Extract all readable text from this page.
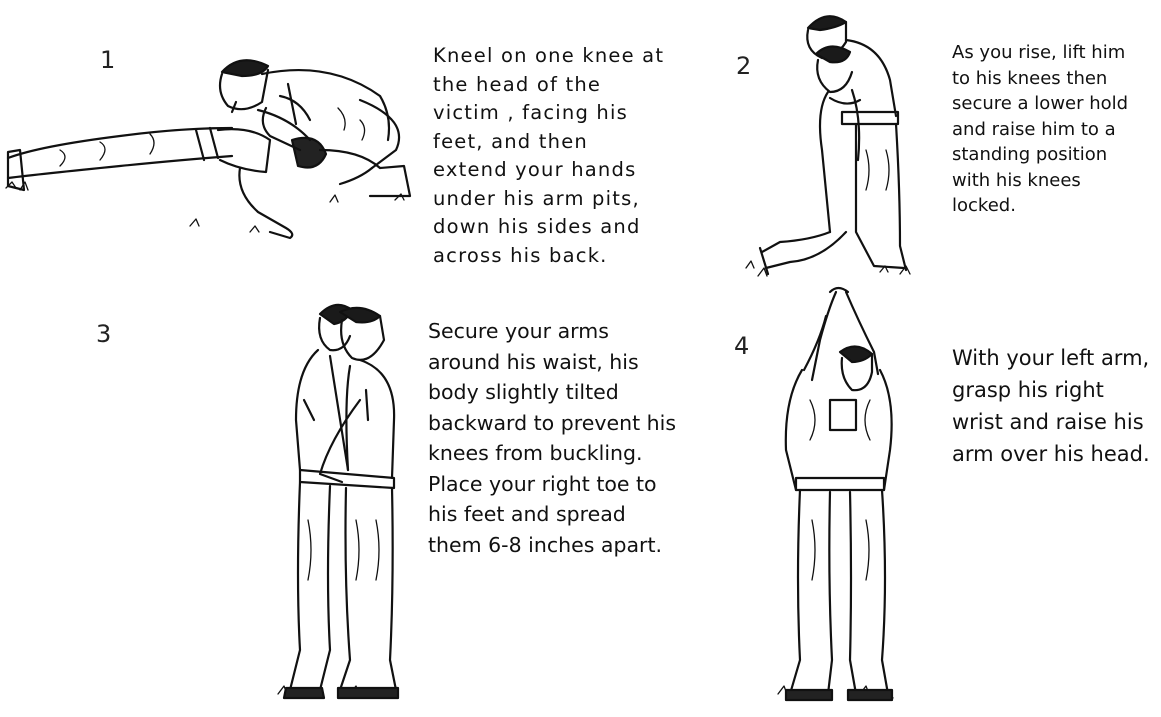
1	Kneel on one knee at
the head of the
victim , facing his
feet, and then
extend your hands
under his arm pits,
down his sides and
across his back.
2	As you rise, lift him
to his knees then
secure a lower hold
and raise him to a
standing position
with his knees
locked.
3	Secure your arms
around his waist, his
body slightly tilted
backward to prevent his
knees from buckling.
Place your right toe to
his feet and spread
them 6-8 inches apart.
4	With your left arm,
grasp his right
wrist and raise his
arm over his head.
